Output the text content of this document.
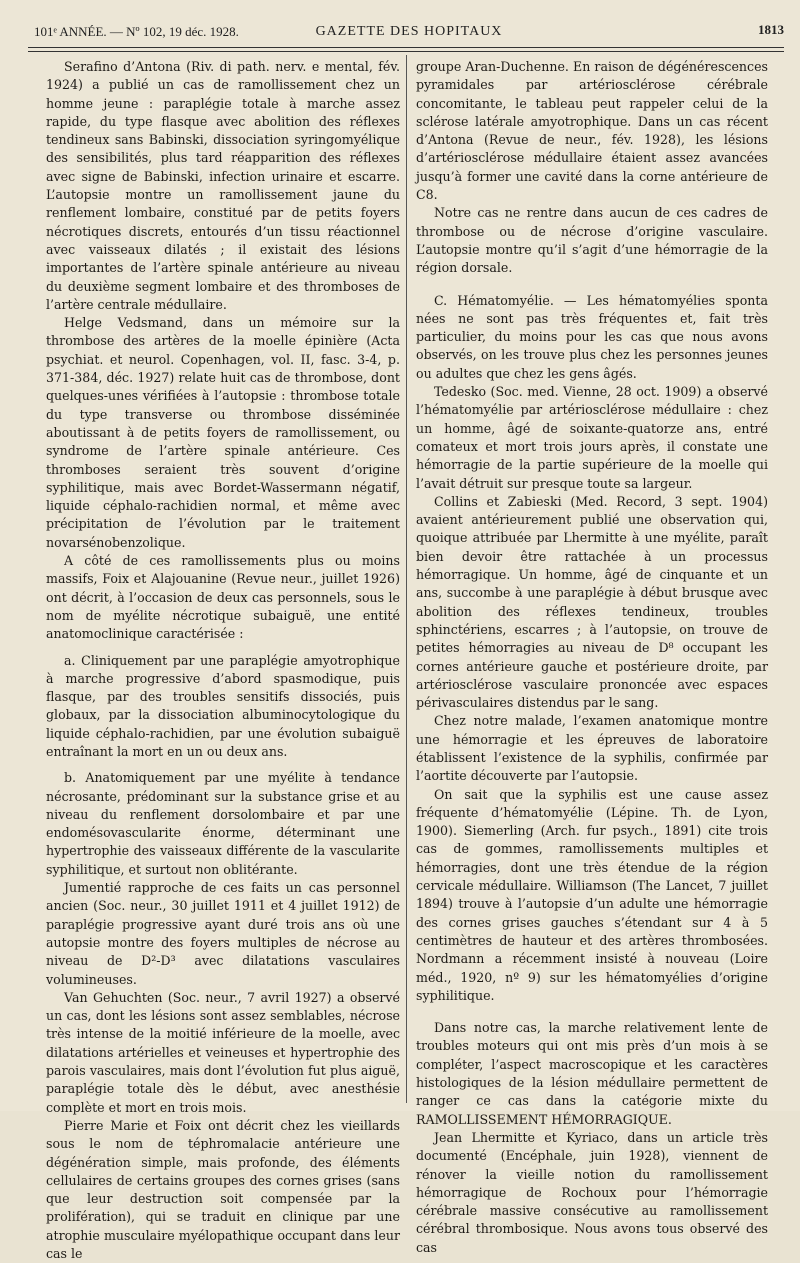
101ᵉ ANNÉE. — Nº 102, 19 déc. 1928.	GAZETTE DES HOPITAUX	1813

Serafino d’Antona (Riv. di path. nerv. e mental, fév. 1924) a publié un cas de ramollissement chez un homme jeune : paraplégie totale à marche assez rapide, du type flasque avec abolition des réflexes tendineux sans Babinski, dissociation syringomyélique des sensibilités, plus tard réapparition des réflexes avec signe de Babinski, infection urinaire et escarre. L’autopsie montre un ramollissement jaune du renflement lombaire, constitué par de petits foyers nécrotiques discrets, entourés d’un tissu réactionnel avec vaisseaux dilatés ; il existait des lésions importantes de l’artère spinale antérieure au niveau du deuxième segment lombaire et des thromboses de l’artère centrale médullaire.

Helge Vedsmand, dans un mémoire sur la thrombose des artères de la moelle épinière (Acta psychiat. et neurol. Copenhagen, vol. II, fasc. 3-4, p. 371-384, déc. 1927) relate huit cas de thrombose, dont quelques-unes vérifiées à l’autopsie : thrombose totale du type transverse ou thrombose disséminée aboutissant à de petits foyers de ramollissement, ou syndrome de l’artère spinale antérieure. Ces thromboses seraient très souvent d’origine syphilitique, mais avec Bordet-Wassermann négatif, liquide céphalo-rachidien normal, et même avec précipitation de l’évolution par le traitement novarsénobenzolique.

A côté de ces ramollissements plus ou moins massifs, Foix et Alajouanine (Revue neur., juillet 1926) ont décrit, à l’occasion de deux cas personnels, sous le nom de myélite nécrotique subaiguë, une entité anatomoclinique caractérisée :

a. Cliniquement par une paraplégie amyotrophique à marche progressive d’abord spasmodique, puis flasque, par des troubles sensitifs dissociés, puis globaux, par la dissociation albuminocytologique du liquide céphalo-rachidien, par une évolution subaiguë entraînant la mort en un ou deux ans.

b. Anatomiquement par une myélite à tendance nécrosante, prédominant sur la substance grise et au niveau du renflement dorsolombaire et par une endomésovascularite énorme, déterminant une hypertrophie des vaisseaux différente de la vascularite syphilitique, et surtout non oblitérante.

Jumentié rapproche de ces faits un cas personnel ancien (Soc. neur., 30 juillet 1911 et 4 juillet 1912) de paraplégie progressive ayant duré trois ans où une autopsie montre des foyers multiples de nécrose au niveau de D²-D³ avec dilatations vasculaires volumineuses.

Van Gehuchten (Soc. neur., 7 avril 1927) a observé un cas, dont les lésions sont assez semblables, nécrose très intense de la moitié inférieure de la moelle, avec dilatations artérielles et veineuses et hypertrophie des parois vasculaires, mais dont l’évolution fut plus aiguë, paraplégie totale dès le début, avec anesthésie complète et mort en trois mois.

Pierre Marie et Foix ont décrit chez les vieillards sous le nom de téphromalacie antérieure une dégénération simple, mais profonde, des éléments cellulaires de certains groupes des cornes grises (sans que leur destruction soit compensée par la prolifération), qui se traduit en clinique par une atrophie musculaire myélopathique occupant dans leur cas le

groupe Aran-Duchenne. En raison de dégénérescences pyramidales par artériosclérose cérébrale concomitante, le tableau peut rappeler celui de la sclérose latérale amyotrophique. Dans un cas récent d’Antona (Revue de neur., fév. 1928), les lésions d’artériosclérose médullaire étaient assez avancées jusqu’à former une cavité dans la corne antérieure de C8.

Notre cas ne rentre dans aucun de ces cadres de thrombose ou de nécrose d’origine vasculaire. L’autopsie montre qu’il s’agit d’une hémorragie de la région dorsale.

C. Hématomyélie. — Les hématomyélies sponta nées ne sont pas très fréquentes et, fait très particulier, du moins pour les cas que nous avons observés, on les trouve plus chez les personnes jeunes ou adultes que chez les gens âgés.

Tedesko (Soc. med. Vienne, 28 oct. 1909) a observé l’hématomyélie par artériosclérose médullaire : chez un homme, âgé de soixante-quatorze ans, entré comateux et mort trois jours après, il constate une hémorragie de la partie supérieure de la moelle qui l’avait détruit sur presque toute sa largeur.

Collins et Zabieski (Med. Record, 3 sept. 1904) avaient antérieurement publié une observation qui, quoique attribuée par Lhermitte à une myélite, paraît bien devoir être rattachée à un processus hémorragique. Un homme, âgé de cinquante et un ans, succombe à une paraplégie à début brusque avec abolition des réflexes tendineux, troubles sphinctériens, escarres ; à l’autopsie, on trouve de petites hémorragies au niveau de D⁸ occupant les cornes antérieure gauche et postérieure droite, par artériosclérose vasculaire prononcée avec espaces périvasculaires distendus par le sang.

Chez notre malade, l’examen anatomique montre une hémorragie et les épreuves de laboratoire établissent l’existence de la syphilis, confirmée par l’aortite découverte par l’autopsie.

On sait que la syphilis est une cause assez fréquente d’hématomyélie (Lépine. Th. de Lyon, 1900). Siemerling (Arch. fur psych., 1891) cite trois cas de gommes, ramollissements multiples et hémorragies, dont une très étendue de la région cervicale médullaire. Williamson (The Lancet, 7 juillet 1894) trouve à l’autopsie d’un adulte une hémorragie des cornes grises gauches s’étendant sur 4 à 5 centimètres de hauteur et des artères thrombosées. Nordmann a récemment insisté à nouveau (Loire méd., 1920, nº 9) sur les hématomyélies d’origine syphilitique.

Dans notre cas, la marche relativement lente de troubles moteurs qui ont mis près d’un mois à se compléter, l’aspect macroscopique et les caractères histologiques de la lésion médullaire permettent de ranger ce cas dans la catégorie mixte du RAMOLLISSEMENT HÉMORRAGIQUE.

Jean Lhermitte et Kyriaco, dans un article très documenté (Encéphale, juin 1928), viennent de rénover la vieille notion du ramollissement hémorragique de Rochoux pour l’hémorragie cérébrale massive consécutive au ramollissement cérébral thrombosique. Nous avons tous observé des cas
